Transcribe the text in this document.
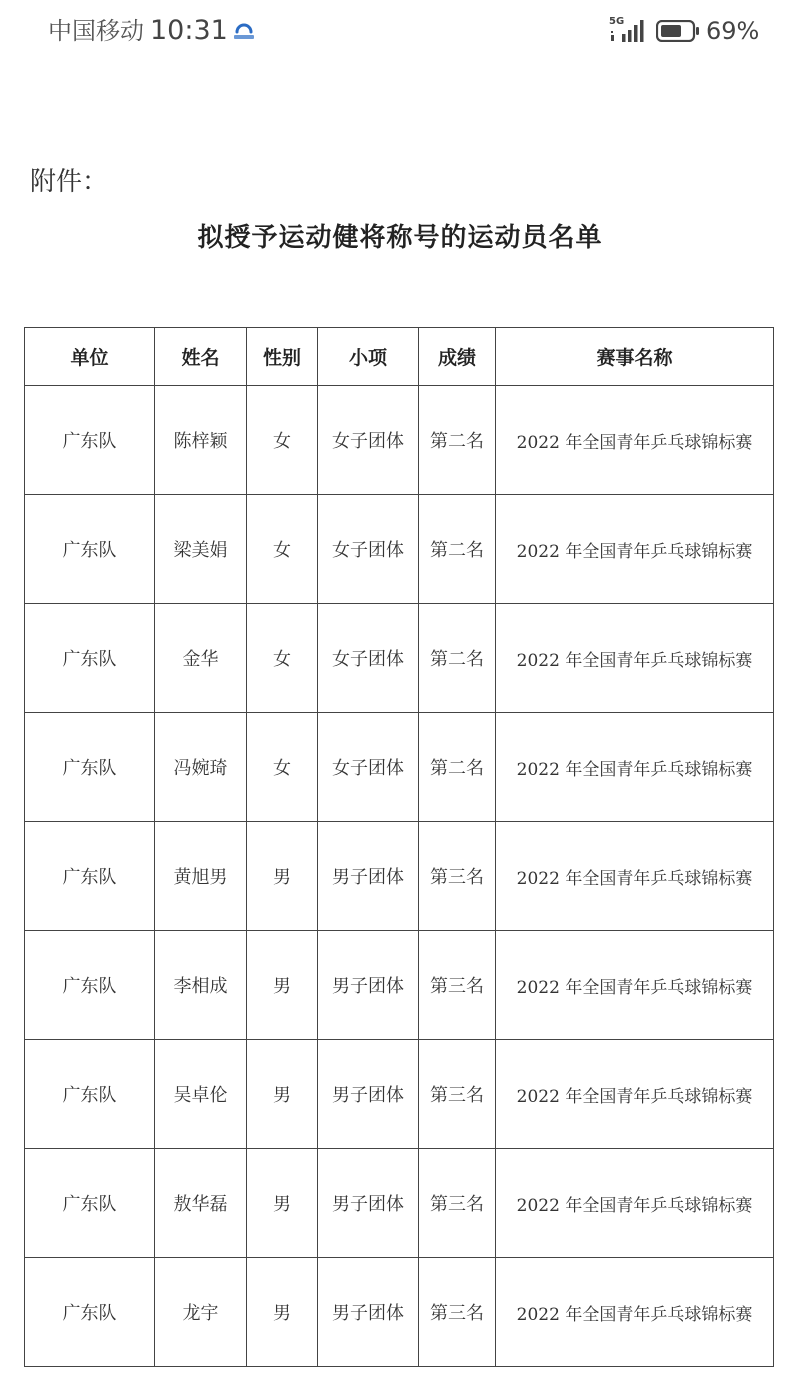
中国移动 10:31	5G	69%
附件：
拟授予运动健将称号的运动员名单
单位	姓名	性别	小项	成绩	赛事名称
广东队	陈梓颖	女	女子团体	第二名	2022 年全国青年乒乓球锦标赛
广东队	梁美娟	女	女子团体	第二名	2022 年全国青年乒乓球锦标赛
广东队	金华	女	女子团体	第二名	2022 年全国青年乒乓球锦标赛
广东队	冯婉琦	女	女子团体	第二名	2022 年全国青年乒乓球锦标赛
广东队	黄旭男	男	男子团体	第三名	2022 年全国青年乒乓球锦标赛
广东队	李相成	男	男子团体	第三名	2022 年全国青年乒乓球锦标赛
广东队	吴卓伦	男	男子团体	第三名	2022 年全国青年乒乓球锦标赛
广东队	敖华磊	男	男子团体	第三名	2022 年全国青年乒乓球锦标赛
广东队	龙宇	男	男子团体	第三名	2022 年全国青年乒乓球锦标赛
